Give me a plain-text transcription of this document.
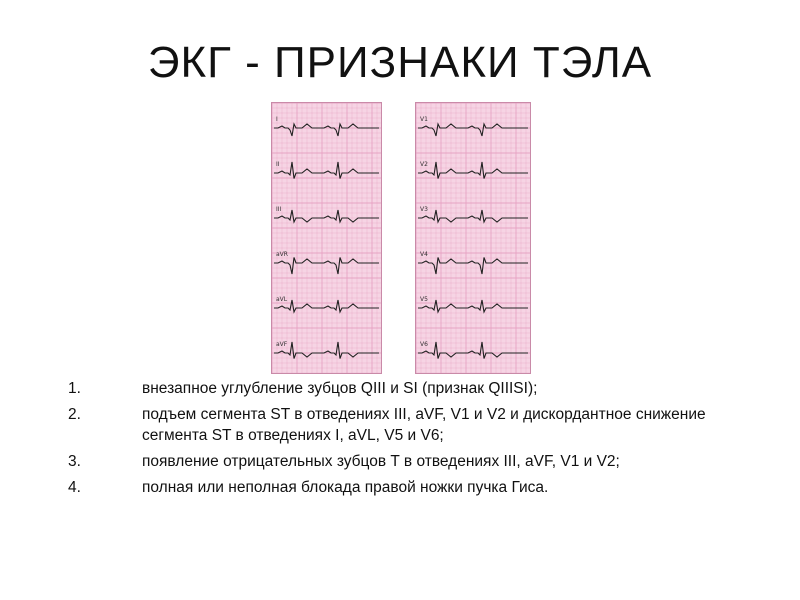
ЭКГ - ПРИЗНАКИ ТЭЛА
I
II
III
aVR
aVL
aVF
V1
V2
V3
V4
V5
V6
1.	внезапное углубление зубцов QIII и SI (признак QIIISI);
2.	подъем сегмента ST в отведениях III, aVF, V1 и V2 и дискордантное снижение сегмента ST в отведениях I, aVL, V5 и V6;
3.	появление отрицательных зубцов T в отведениях III, aVF, V1 и V2;
4.	полная или неполная блокада правой ножки пучка Гиса.
